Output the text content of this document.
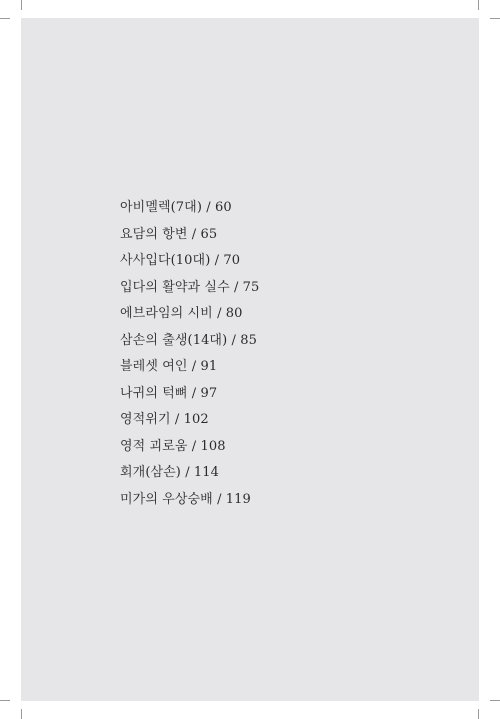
아비멜렉(7대) / 60
요담의 항변 / 65
사사입다(10대) / 70
입다의 활약과 실수 / 75
에브라임의 시비 / 80
삼손의 출생(14대) / 85
블레셋 여인 / 91
나귀의 턱뼈 / 97
영적위기 / 102
영적 괴로움 / 108
회개(삼손) / 114
미가의 우상숭배 / 119
